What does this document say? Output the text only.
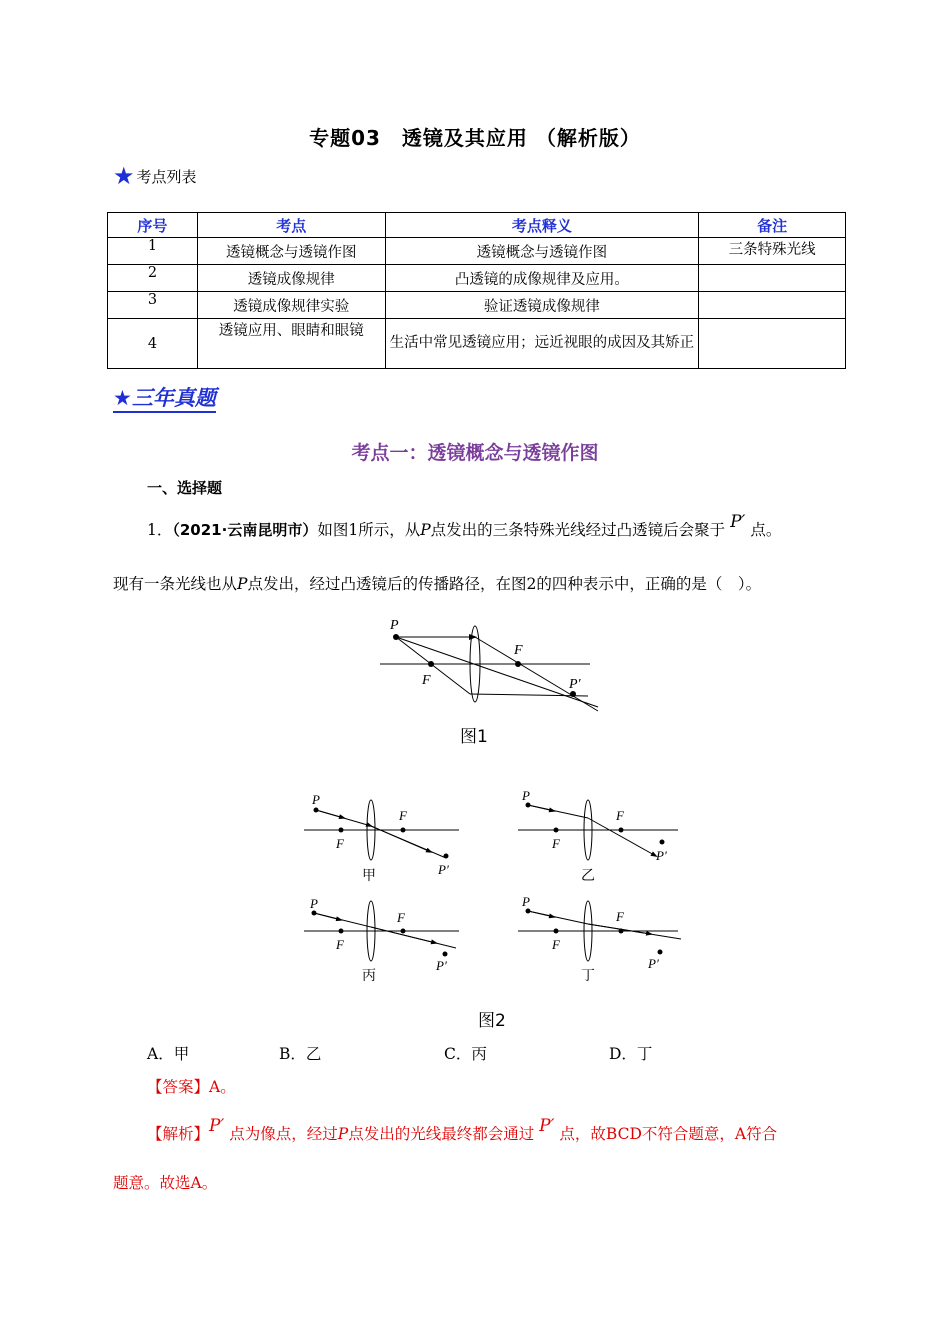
专题03　透镜及其应用 （解析版）
★ 考点列表
序号	考点	考点释义	备注
1	透镜概念与透镜作图	透镜概念与透镜作图	三条特殊光线
2	透镜成像规律	凸透镜的成像规律及应用。	
3	透镜成像规律实验	验证透镜成像规律	
4	透镜应用、眼睛和眼镜	生活中常见透镜应用；远近视眼的成因及其矫正	
★三年真题
考点一：透镜概念与透镜作图
一、选择题
1．（2021·云南昆明市）如图1所示，从P点发出的三条特殊光线经过凸透镜后会聚于 P′ 点。
现有一条光线也从P点发出，经过凸透镜后的传播路径，在图2的四种表示中，正确的是（　）。
P
F
F
P′
图1
P
F
F
P′
P
F
F
P′
P
F
F
P′
P
F
F
P′
甲	乙
丙	丁
图2
A．甲	B．乙	C．丙	D．丁
【答案】A。
【解析】P′ 点为像点，经过P点发出的光线最终都会通过 P′ 点，故BCD不符合题意，A符合
题意。故选A。
